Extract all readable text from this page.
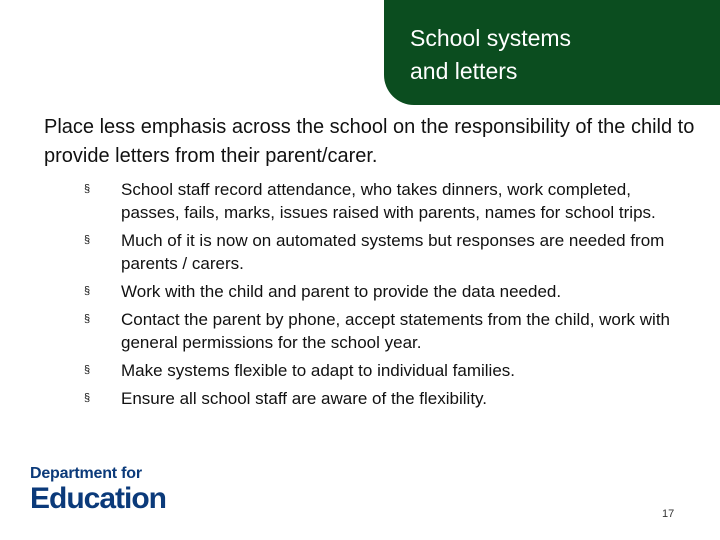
School systems
and letters

Place less emphasis across the school on the responsibility of the child to provide letters from their parent/carer.

§ School staff record attendance, who takes dinners, work completed, passes, fails, marks, issues raised with parents, names for school trips.
§ Much of it is now on automated systems but responses are needed from parents / carers.
§ Work with the child and parent to provide the data needed.
§ Contact the parent by phone, accept statements from the child, work with general permissions for the school year.
§ Make systems flexible to adapt to individual families.
§ Ensure all school staff are aware of the flexibility.
Department for
Education	17
